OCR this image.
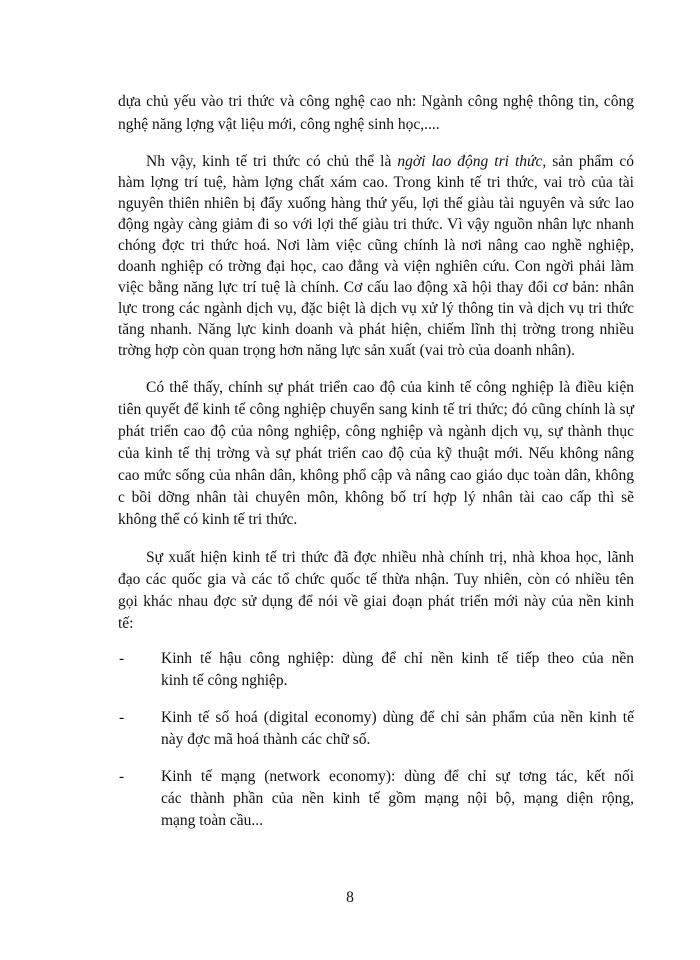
dựa chủ yếu vào tri thức và công nghệ cao nh: Ngành công nghệ thông tin, công
nghệ năng lợng vật liệu mới, công nghệ sinh học,....
Nh vậy, kinh tế tri thức có chủ thể là ngời lao động tri thức, sản phẩm có
hàm lợng trí tuệ, hàm lợng chất xám cao. Trong kinh tế tri thức, vai trò của tài
nguyên thiên nhiên bị đẩy xuống hàng thứ yếu, lợi thế giàu tài nguyên và sức lao
động ngày càng giảm đi so với lợi thế giàu tri thức. Vì vậy nguồn nhân lực nhanh
chóng đợc tri thức hoá. Nơi làm việc cũng chính là nơi nâng cao nghề nghiệp,
doanh nghiệp có trờng đại học, cao đẳng và viện nghiên cứu. Con ngời phải làm
việc bằng năng lực trí tuệ là chính. Cơ cấu lao động xã hội thay đổi cơ bản: nhân
lực trong các ngành dịch vụ, đặc biệt là dịch vụ xử lý thông tin và dịch vụ tri thức
tăng nhanh. Năng lực kinh doanh và phát hiện, chiếm lĩnh thị trờng trong nhiều
trờng hợp còn quan trọng hơn năng lực sản xuất (vai trò của doanh nhân).
Có thể thấy, chính sự phát triển cao độ của kinh tế công nghiệp là điều kiện
tiên quyết để kinh tế công nghiệp chuyển sang kinh tế tri thức; đó cũng chính là sự
phát triển cao độ của nông nghiệp, công nghiệp và ngành dịch vụ, sự thành thục
của kinh tế thị trờng và sự phát triển cao độ của kỹ thuật mới. Nếu không nâng
cao mức sống của nhân dân, không phổ cập và nâng cao giáo dục toàn dân, không
c bồi dỡng nhân tài chuyên môn, không bố trí hợp lý nhân tài cao cấp thì sẽ
không thể có kinh tế tri thức.
Sự xuất hiện kinh tế tri thức đã đợc nhiều nhà chính trị, nhà khoa học, lãnh
đạo các quốc gia và các tổ chức quốc tế thừa nhận. Tuy nhiên, còn có nhiều tên
gọi khác nhau đợc sử dụng để nói về giai đoạn phát triển mới này của nền kinh
tế:
- Kinh tế hậu công nghiệp: dùng để chỉ nền kinh tế tiếp theo của nền
kinh tế công nghiệp.
- Kinh tế số hoá (digital economy) dùng để chỉ sản phẩm của nền kinh tế
này đợc mã hoá thành các chữ số.
- Kinh tế mạng (network economy): dùng để chỉ sự tơng tác, kết nối
các thành phần của nền kinh tế gồm mạng nội bộ, mạng diện rộng,
mạng toàn cầu...
8
